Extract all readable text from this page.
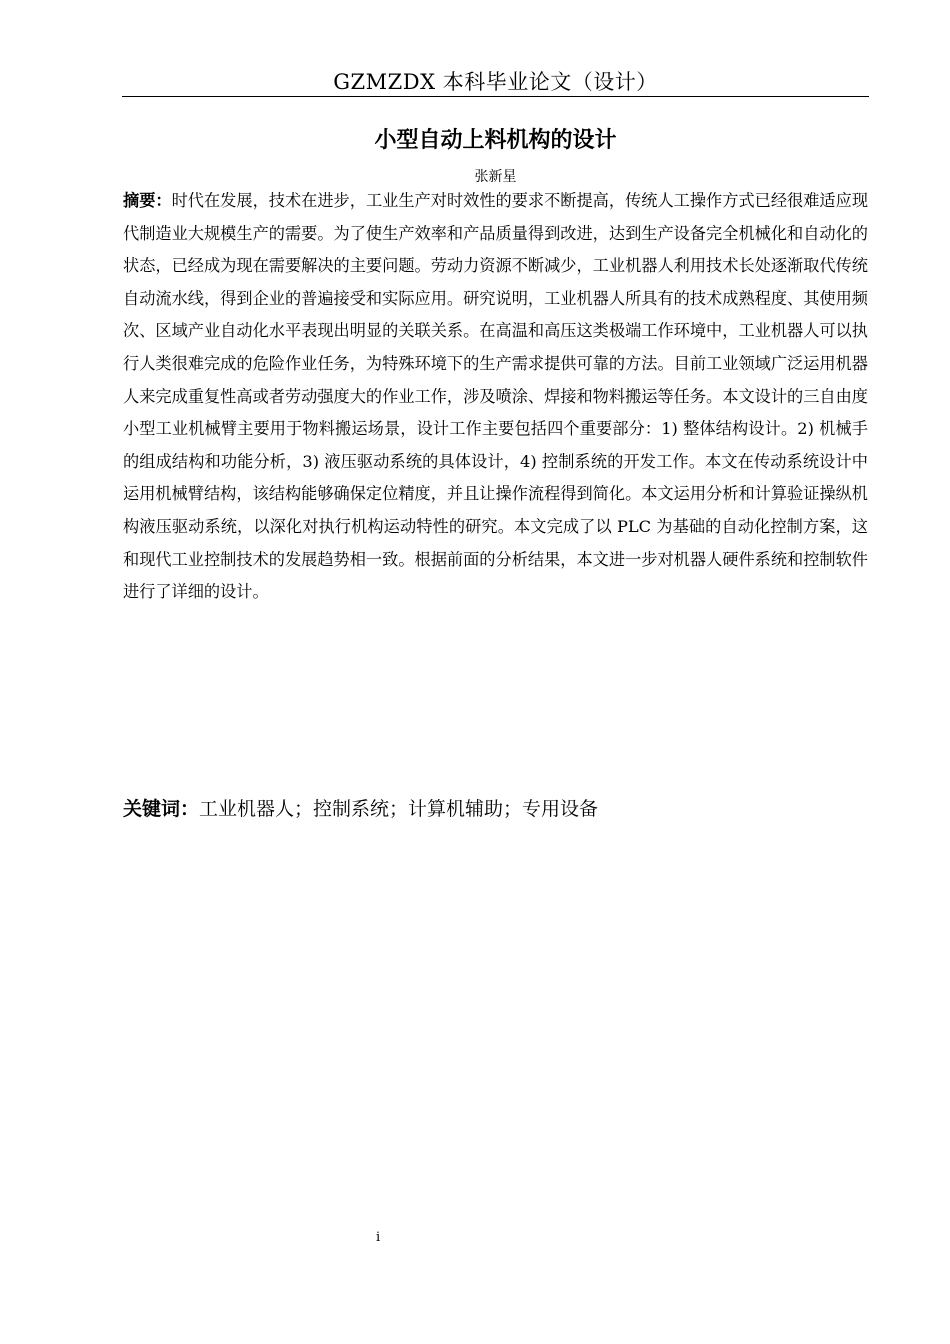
GZMZDX 本科毕业论文（设计）
小型自动上料机构的设计
张新星

摘要：时代在发展，技术在进步，工业生产对时效性的要求不断提高，传统人工操作方式已经很难适应现代制造业大规模生产的需要。为了使生产效率和产品质量得到改进，达到生产设备完全机械化和自动化的状态，已经成为现在需要解决的主要问题。劳动力资源不断减少，工业机器人利用技术长处逐渐取代传统自动流水线，得到企业的普遍接受和实际应用。研究说明，工业机器人所具有的技术成熟程度、其使用频次、区域产业自动化水平表现出明显的关联关系。在高温和高压这类极端工作环境中，工业机器人可以执行人类很难完成的危险作业任务，为特殊环境下的生产需求提供可靠的方法。目前工业领域广泛运用机器人来完成重复性高或者劳动强度大的作业工作，涉及喷涂、焊接和物料搬运等任务。本文设计的三自由度小型工业机械臂主要用于物料搬运场景，设计工作主要包括四个重要部分：1) 整体结构设计。2) 机械手的组成结构和功能分析，3) 液压驱动系统的具体设计，4) 控制系统的开发工作。本文在传动系统设计中运用机械臂结构，该结构能够确保定位精度，并且让操作流程得到简化。本文运用分析和计算验证操纵机构液压驱动系统，以深化对执行机构运动特性的研究。本文完成了以 PLC 为基础的自动化控制方案，这和现代工业控制技术的发展趋势相一致。根据前面的分析结果，本文进一步对机器人硬件系统和控制软件进行了详细的设计。

关键词：工业机器人；控制系统；计算机辅助；专用设备
i
